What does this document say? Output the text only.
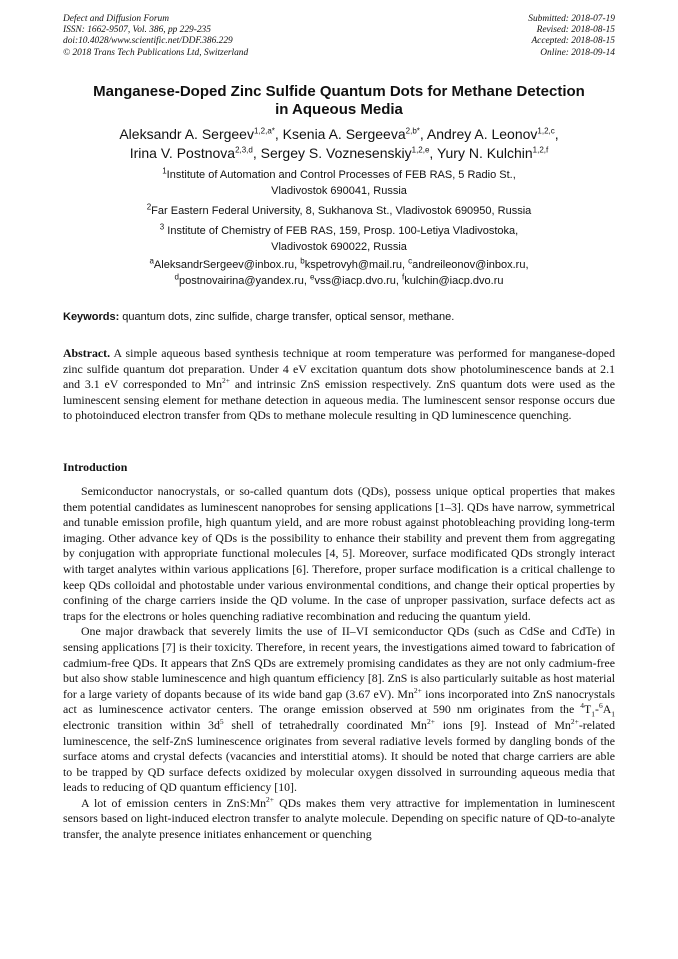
Defect and Diffusion Forum
ISSN: 1662-9507, Vol. 386, pp 229-235
doi:10.4028/www.scientific.net/DDF.386.229
© 2018 Trans Tech Publications Ltd, Switzerland
Submitted: 2018-07-19
Revised: 2018-08-15
Accepted: 2018-08-15
Online: 2018-09-14
Manganese-Doped Zinc Sulfide Quantum Dots for Methane Detection
in Aqueous Media
Aleksandr A. Sergeev$^{1,2,a*}$, Ksenia A. Sergeeva$^{2,b*}$, Andrey A. Leonov$^{1,2,c}$,
Irina V. Postnova$^{2,3,d}$, Sergey S. Voznesenskiy$^{1,2,e}$, Yury N. Kulchin$^{1,2,f}$
$^1$Institute of Automation and Control Processes of FEB RAS, 5 Radio St.,
Vladivostok 690041, Russia
$^2$Far Eastern Federal University, 8, Sukhanova St., Vladivostok 690950, Russia
$^3$ Institute of Chemistry of FEB RAS, 159, Prosp. 100-Letiya Vladivostoka,
Vladivostok 690022, Russia
$^a$AleksandrSergeev@inbox.ru, $^b$kspetrovyh@mail.ru, $^c$andreileonov@inbox.ru,
$^d$postnovairina@yandex.ru, $^e$vss@iacp.dvo.ru, $^f$kulchin@iacp.dvo.ru
Keywords: quantum dots, zinc sulfide, charge transfer, optical sensor, methane.

Abstract. A simple aqueous based synthesis technique at room temperature was performed for manganese-doped zinc sulfide quantum dot preparation. Under 4 eV excitation quantum dots show photoluminescence bands at 2.1 and 3.1 eV corresponded to $Mn^{2+}$ and intrinsic ZnS emission respectively. ZnS quantum dots were used as the luminescent sensing element for methane detection in aqueous media. The luminescent sensor response occurs due to photoinduced electron transfer from QDs to methane molecule resulting in QD luminescence quenching.

Introduction

Semiconductor nanocrystals, or so-called quantum dots (QDs), possess unique optical properties that makes them potential candidates as luminescent nanoprobes for sensing applications [1–3]. QDs have narrow, symmetrical and tunable emission profile, high quantum yield, and are more robust against photobleaching providing long-term imaging. Other advance key of QDs is the possibility to enhance their stability and prevent them from aggregating by conjugation with appropriate functional molecules [4, 5]. Moreover, surface modificated QDs strongly interact with target analytes within various applications [6]. Therefore, proper surface modification is a critical challenge to keep QDs colloidal and photostable under various environmental conditions, and change their optical properties by confining of the charge carriers inside the QD volume. In the case of unproper passivation, surface defects act as traps for the electrons or holes quenching radiative recombination and reducing the quantum yield.

One major drawback that severely limits the use of II–VI semiconductor QDs (such as CdSe and CdTe) in sensing applications [7] is their toxicity. Therefore, in recent years, the investigations aimed toward to fabrication of cadmium-free QDs. It appears that ZnS QDs are extremely promising candidates as they are not only cadmium-free but also show stable luminescence and high quantum efficiency [8]. ZnS is also particularly suitable as host material for a large variety of dopants because of its wide band gap (3.67 eV). $Mn^{2+}$ ions incorporated into ZnS nanocrystals act as luminescence activator centers. The orange emission observed at 590 nm originates from the $^4T_1-^6A_1$ electronic transition within $3d^5$ shell of tetrahedrally coordinated $Mn^{2+}$ ions [9]. Instead of $Mn^{2+}$-related luminescence, the self-ZnS luminescence originates from several radiative levels formed by dangling bonds of the surface atoms and crystal defects (vacancies and interstitial atoms). It should be noted that charge carriers are able to be trapped by QD surface defects oxidized by molecular oxygen dissolved in surrounding aqueous media that leads to reducing of QD quantum efficiency [10].

A lot of emission centers in $ZnS:Mn^{2+}$ QDs makes them very attractive for implementation in luminescent sensors based on light-induced electron transfer to analyte molecule. Depending on specific nature of QD-to-analyte transfer, the analyte presence initiates enhancement or quenching
